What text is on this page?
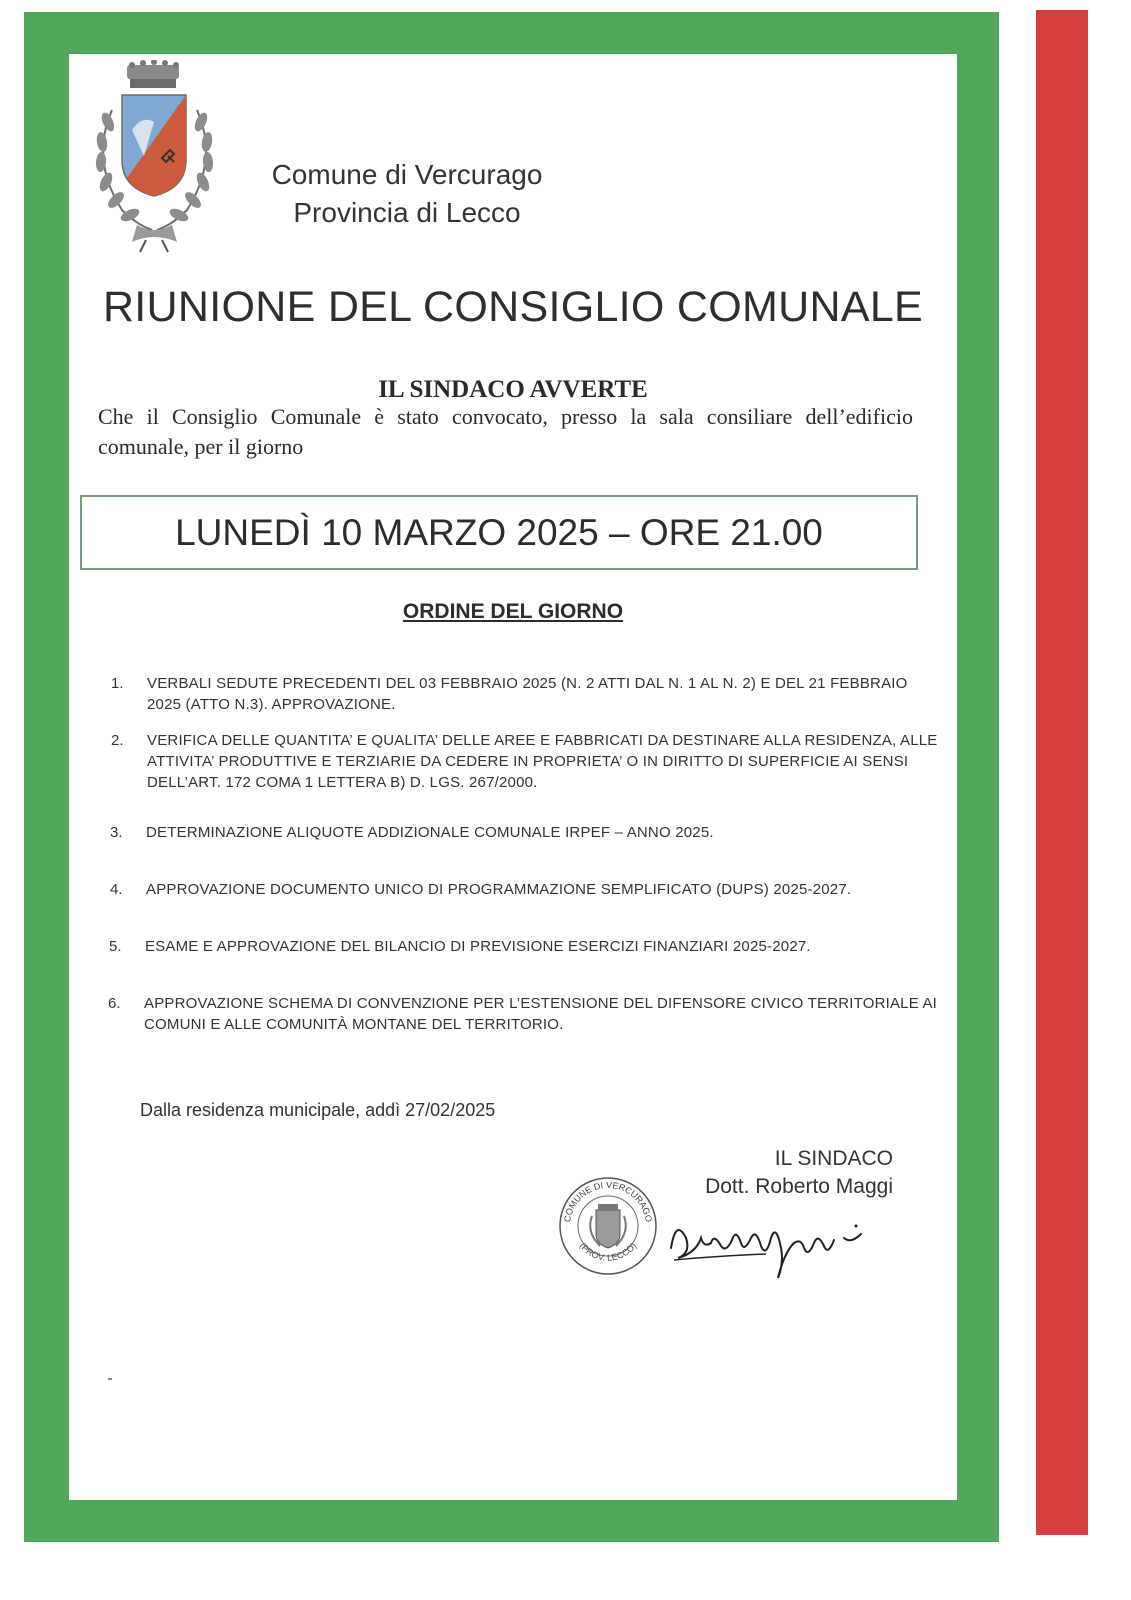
Comune di Vercurago
Provincia di Lecco
RIUNIONE DEL CONSIGLIO COMUNALE
IL SINDACO AVVERTE
Che il Consiglio Comunale è stato convocato, presso la sala consiliare dell’edificio comunale, per il giorno
LUNEDÌ 10 MARZO 2025 – ORE 21.00
ORDINE DEL GIORNO
1.	VERBALI SEDUTE PRECEDENTI DEL 03 FEBBRAIO 2025 (N. 2 ATTI DAL N. 1 AL N. 2) E DEL 21 FEBBRAIO 2025 (ATTO N.3). APPROVAZIONE.
2.	VERIFICA DELLE QUANTITA’ E QUALITA’ DELLE AREE E FABBRICATI DA DESTINARE ALLA RESIDENZA, ALLE ATTIVITA’ PRODUTTIVE E TERZIARIE DA CEDERE IN PROPRIETA’ O IN DIRITTO DI SUPERFICIE AI SENSI DELL’ART. 172 COMA 1 LETTERA B) D. LGS. 267/2000.
3.	DETERMINAZIONE ALIQUOTE ADDIZIONALE COMUNALE IRPEF – ANNO 2025.
4.	APPROVAZIONE DOCUMENTO UNICO DI PROGRAMMAZIONE SEMPLIFICATO (DUPS) 2025-2027.
5.	ESAME E APPROVAZIONE DEL BILANCIO DI PREVISIONE ESERCIZI FINANZIARI 2025-2027.
6.	APPROVAZIONE SCHEMA DI CONVENZIONE PER L’ESTENSIONE DEL DIFENSORE CIVICO TERRITORIALE AI COMUNI E ALLE COMUNITÀ MONTANE DEL TERRITORIO.
Dalla residenza municipale, addì 27/02/2025
IL SINDACO
Dott. Roberto Maggi
COMUNE DI VERCURAGO
(PROV. LECCO)
